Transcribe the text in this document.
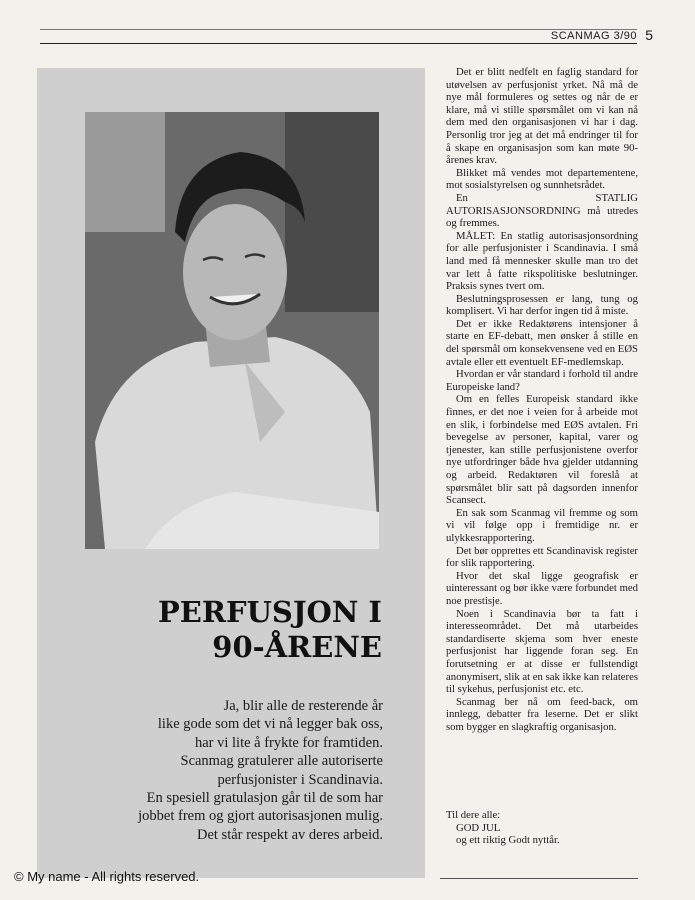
SCANMAG 3/90 5
PERFUSJON I
90-ÅRENE
Ja, blir alle de resterende år
like gode som det vi nå legger bak oss,
har vi lite å frykte for framtiden.
Scanmag gratulerer alle autoriserte
perfusjonister i Scandinavia.
En spesiell gratulasjon går til de som har
jobbet frem og gjort autorisasjonen mulig.
Det står respekt av deres arbeid.

Det er blitt nedfelt en faglig standard for utøvelsen av perfusjonist yrket. Nå må de nye mål formuleres og settes og når de er klare, må vi stille spørsmålet om vi kan nå dem med den organisasjonen vi har i dag. Personlig tror jeg at det må endringer til for å skape en organisasjon som kan møte 90-årenes krav.

Blikket må vendes mot departementene, mot sosialstyrelsen og sunnhetsrådet.

En STATLIG AUTORISASJONSORDNING må utredes og fremmes.

MÅLET: En statlig autorisasjonsordning for alle perfusjonister i Scandinavia. I små land med få mennesker skulle man tro det var lett å fatte rikspolitiske beslutninger. Praksis synes tvert om.

Beslutningsprosessen er lang, tung og komplisert. Vi har derfor ingen tid å miste.

Det er ikke Redaktørens intensjoner å starte en EF-debatt, men ønsker å stille en del spørsmål om konsekvensene ved en EØS avtale eller ett eventuelt EF-medlemskap.

Hvordan er vår standard i forhold til andre Europeiske land?

Om en felles Europeisk standard ikke finnes, er det noe i veien for å arbeide mot en slik, i forbindelse med EØS avtalen. Fri bevegelse av personer, kapital, varer og tjenester, kan stille perfusjonistene overfor nye utfordringer både hva gjelder utdanning og arbeid. Redaktøren vil foreslå at spørsmålet blir satt på dagsorden innenfor Scansect.

En sak som Scanmag vil fremme og som vi vil følge opp i fremtidige nr. er ulykkesrapportering.

Det bør opprettes ett Scandinavisk register for slik rapportering.

Hvor det skal ligge geografisk er uinteressant og bør ikke være forbundet med noe prestisje.

Noen i Scandinavia bør ta fatt i interesseområdet. Det må utarbeides standardiserte skjema som hver eneste perfusjonist har liggende foran seg. En forutsetning er at disse er fullstendigt anonymisert, slik at en sak ikke kan relateres til sykehus, perfusjonist etc. etc.

Scanmag ber nå om feed-back, om innlegg, debatter fra leserne. Det er slikt som bygger en slagkraftig organisasjon.

Til dere alle:
GOD JUL
og ett riktig Godt nyttår.
© My name - All rights reserved.
